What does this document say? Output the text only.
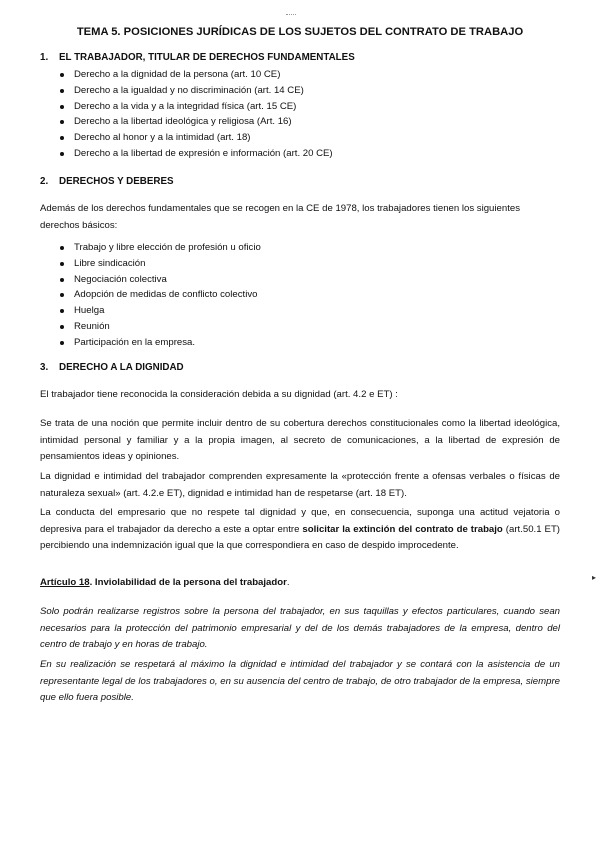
TEMA 5. POSICIONES JURÍDICAS DE LOS SUJETOS DEL CONTRATO DE TRABAJO
1. EL TRABAJADOR, TITULAR DE DERECHOS FUNDAMENTALES
Derecho a la dignidad de la persona (art. 10 CE)
Derecho a la igualdad y no discriminación (art. 14 CE)
Derecho a la vida y a la integridad física (art. 15 CE)
Derecho a la libertad ideológica y religiosa (Art. 16)
Derecho al honor y a la intimidad (art. 18)
Derecho a la libertad de expresión e información (art. 20 CE)
2. DERECHOS Y DEBERES
Además de los derechos fundamentales que se recogen en la CE de 1978, los trabajadores tienen los siguientes derechos básicos:
Trabajo y libre elección de profesión u oficio
Libre sindicación
Negociación colectiva
Adopción de medidas de conflicto colectivo
Huelga
Reunión
Participación en la empresa.
3. DERECHO A LA DIGNIDAD
El trabajador tiene reconocida la consideración debida a su dignidad (art. 4.2 e ET) :
Se trata de una noción que permite incluir dentro de su cobertura derechos constitucionales como la libertad ideológica, intimidad personal y familiar y a la propia imagen, al secreto de comunicaciones, a la libertad de expresión de pensamientos ideas y opiniones.
La dignidad e intimidad del trabajador comprenden expresamente la «protección frente a ofensas verbales o físicas de naturaleza sexual» (art. 4.2.e ET), dignidad e intimidad han de respetarse (art. 18 ET).
La conducta del empresario que no respete tal dignidad y que, en consecuencia, suponga una actitud vejatoria o depresiva para el trabajador da derecho a este a optar entre solicitar la extinción del contrato de trabajo (art.50.1 ET) percibiendo una indemnización igual que la que correspondiera en caso de despido improcedente.
Artículo 18. Inviolabilidad de la persona del trabajador.
Solo podrán realizarse registros sobre la persona del trabajador, en sus taquillas y efectos particulares, cuando sean necesarios para la protección del patrimonio empresarial y del de los demás trabajadores de la empresa, dentro del centro de trabajo y en horas de trabajo.
En su realización se respetará al máximo la dignidad e intimidad del trabajador y se contará con la asistencia de un representante legal de los trabajadores o, en su ausencia del centro de trabajo, de otro trabajador de la empresa, siempre que ello fuera posible.
▸
